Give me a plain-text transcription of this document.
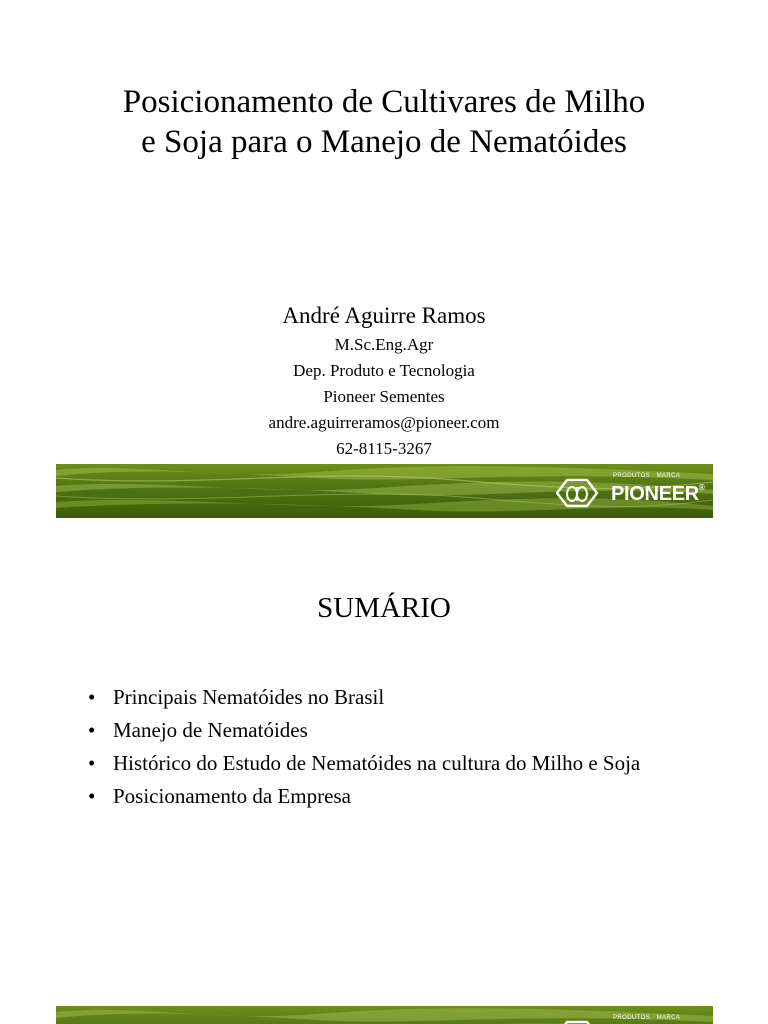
Posicionamento de Cultivares de Milho
e Soja para o Manejo de Nematóides
André Aguirre Ramos
M.Sc.Eng.Agr
Dep. Produto e Tecnologia
Pioneer Sementes
andre.aguirreramos@pioneer.com
62-8115-3267
PRODUTOS · MARCA
PIONEER®
SUMÁRIO
• Principais Nematóides no Brasil
• Manejo de Nematóides
• Histórico do Estudo de Nematóides na cultura do Milho e Soja
• Posicionamento da Empresa
PRODUTOS · MARCA
